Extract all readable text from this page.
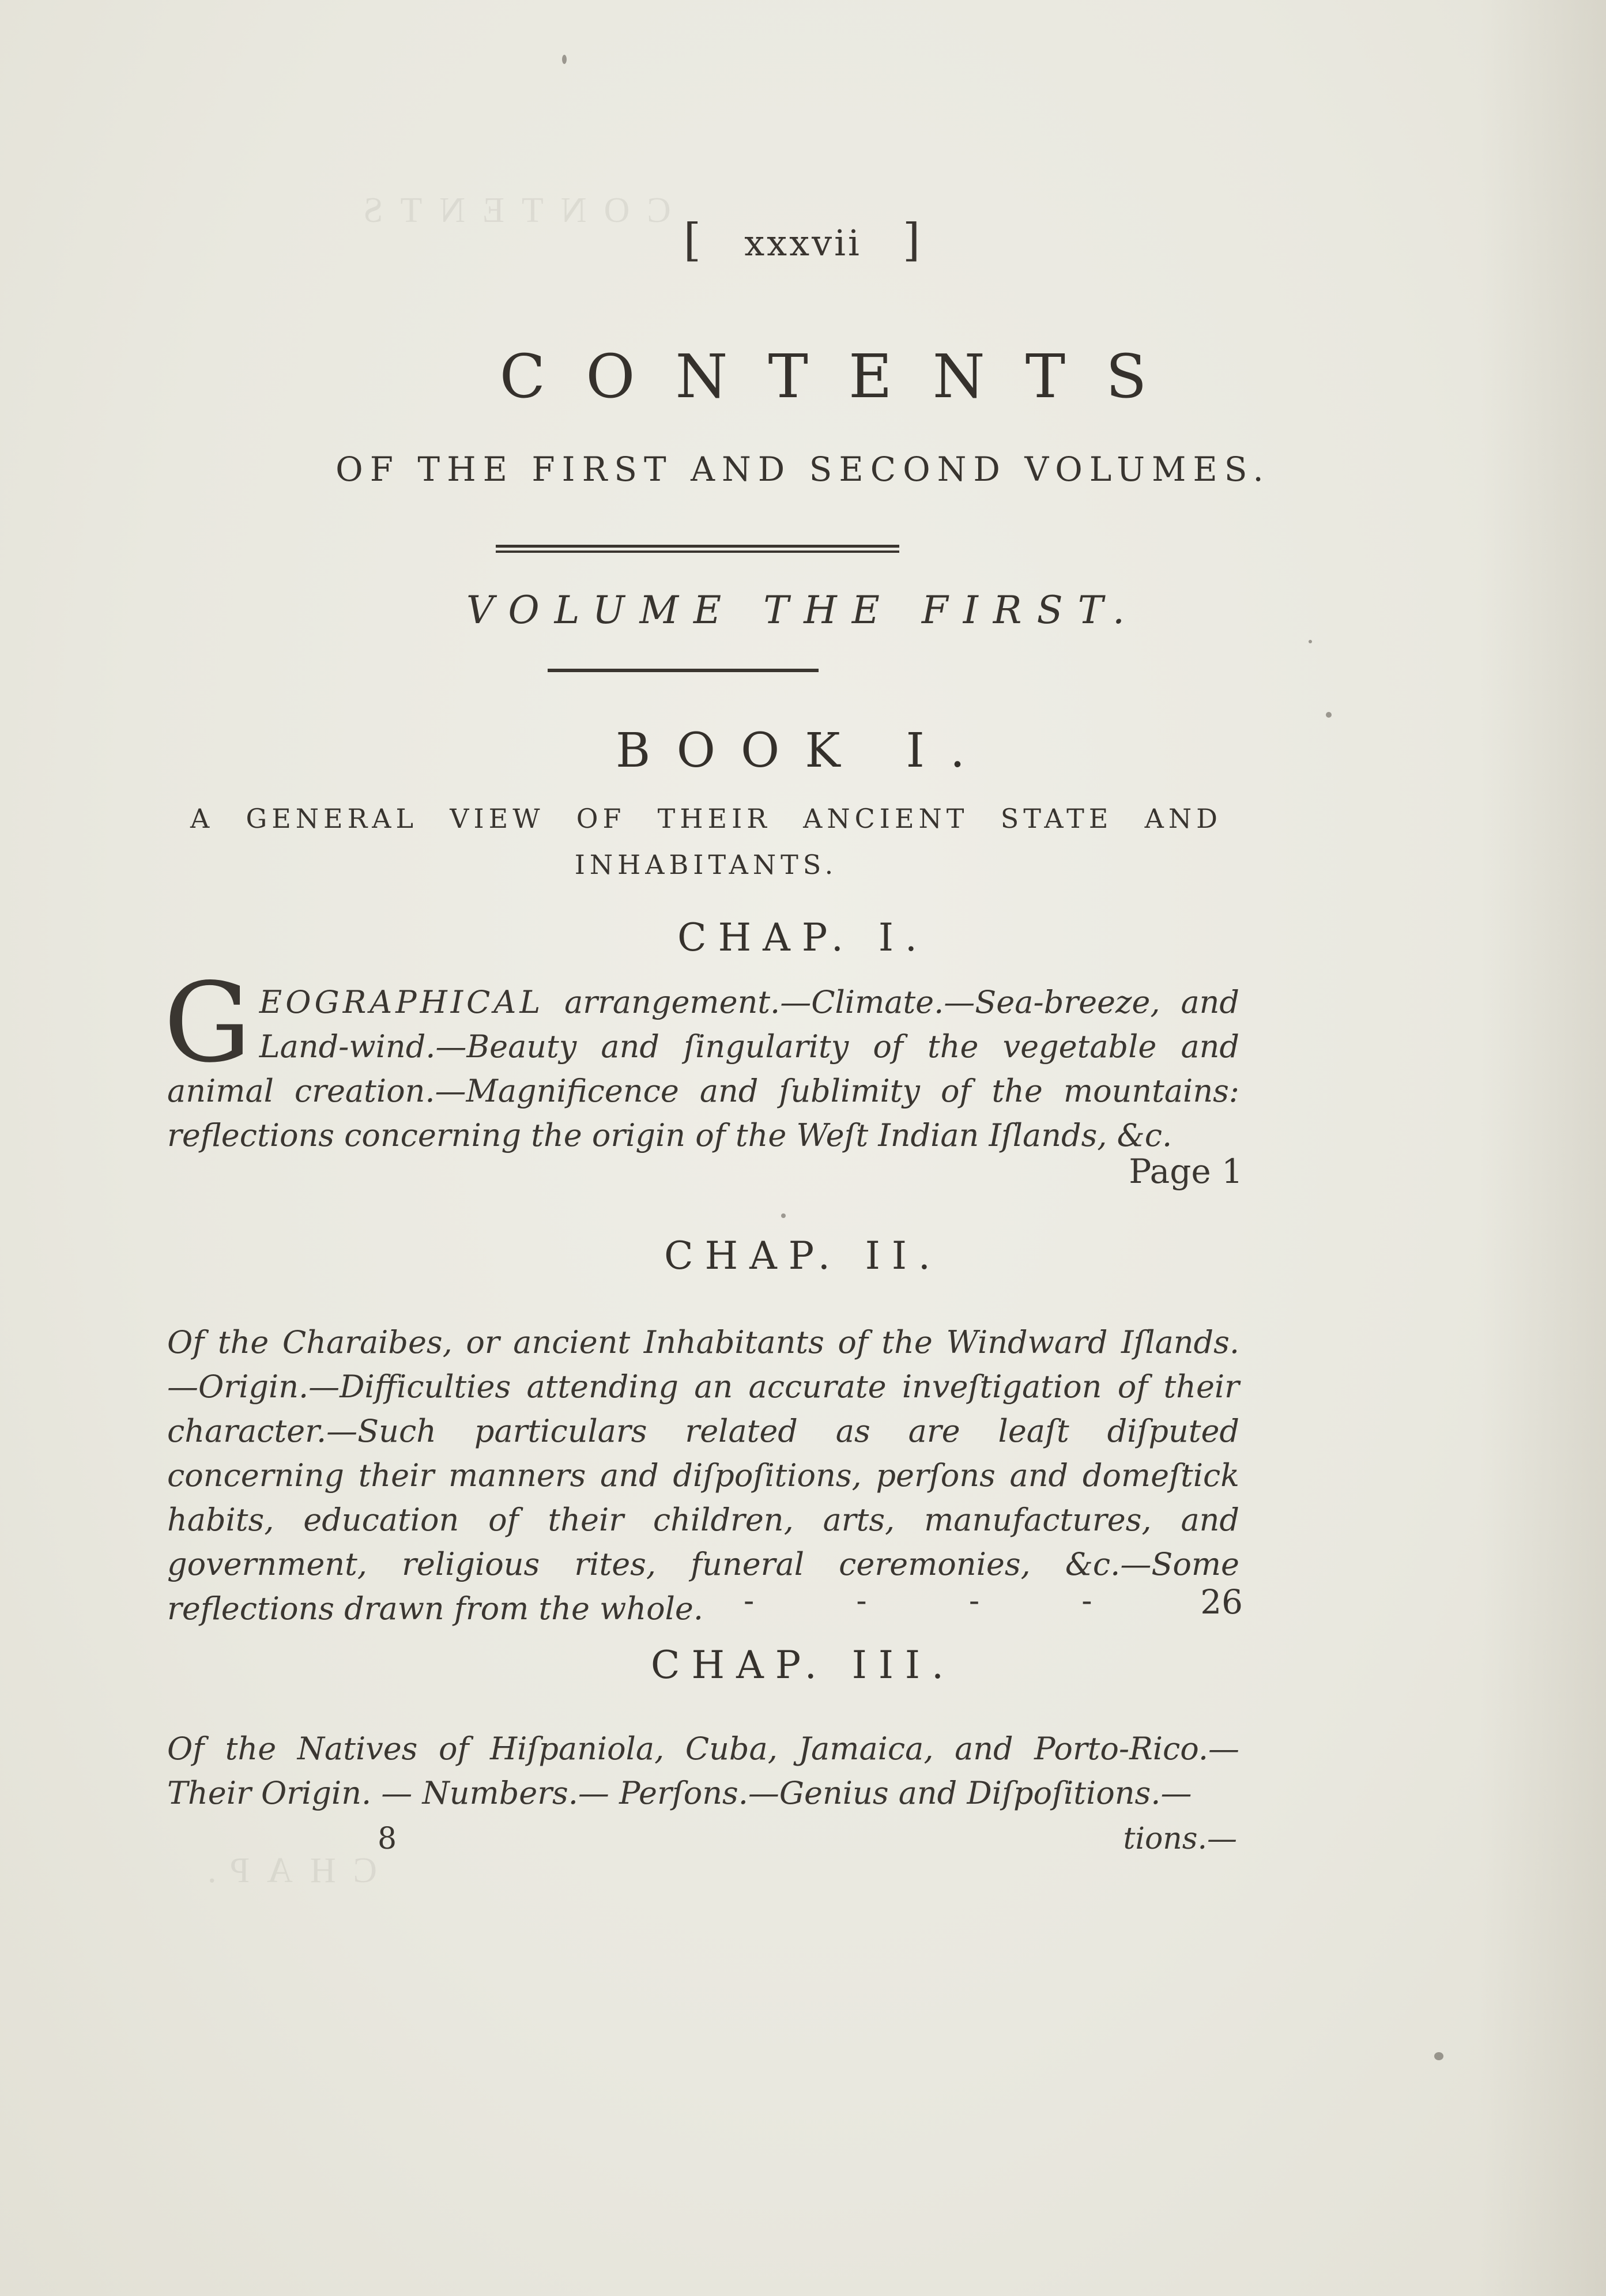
CONTENTS
CHAP.
[ xxxvii ]
CONTENTS
OF THE FIRST AND SECOND VOLUMES.
VOLUME THE FIRST.
BOOK I.
A GENERAL VIEW OF THEIR ANCIENT STATE AND INHABITANTS.
CHAP. I.
GEOGRAPHICAL arrangement.—Climate.—Sea-breeze, and Land-wind.—Beauty and ſingularity of the vegetable and animal creation.—Magnificence and ſublimity of the mountains: reflections concerning the origin of the Weſt Indian Iſlands, &c.
Page 1
CHAP. II.
Of the Charaibes, or ancient Inhabitants of the Windward Iſlands. —Origin.—Difficulties attending an accurate inveſtigation of their character.—Such particulars related as are leaſt diſputed concerning their manners and diſpoſitions, perſons and domeſtick habits, education of their children, arts, manufactures, and government, religious rites, funeral ceremonies, &c.—Some reflections drawn from the whole.	- - - - 26
CHAP. III.
Of the Natives of Hiſpaniola, Cuba, Jamaica, and Porto-Rico.— Their Origin. — Numbers.— Perſons.—Genius and Diſpoſitions.—
8	tions.—
